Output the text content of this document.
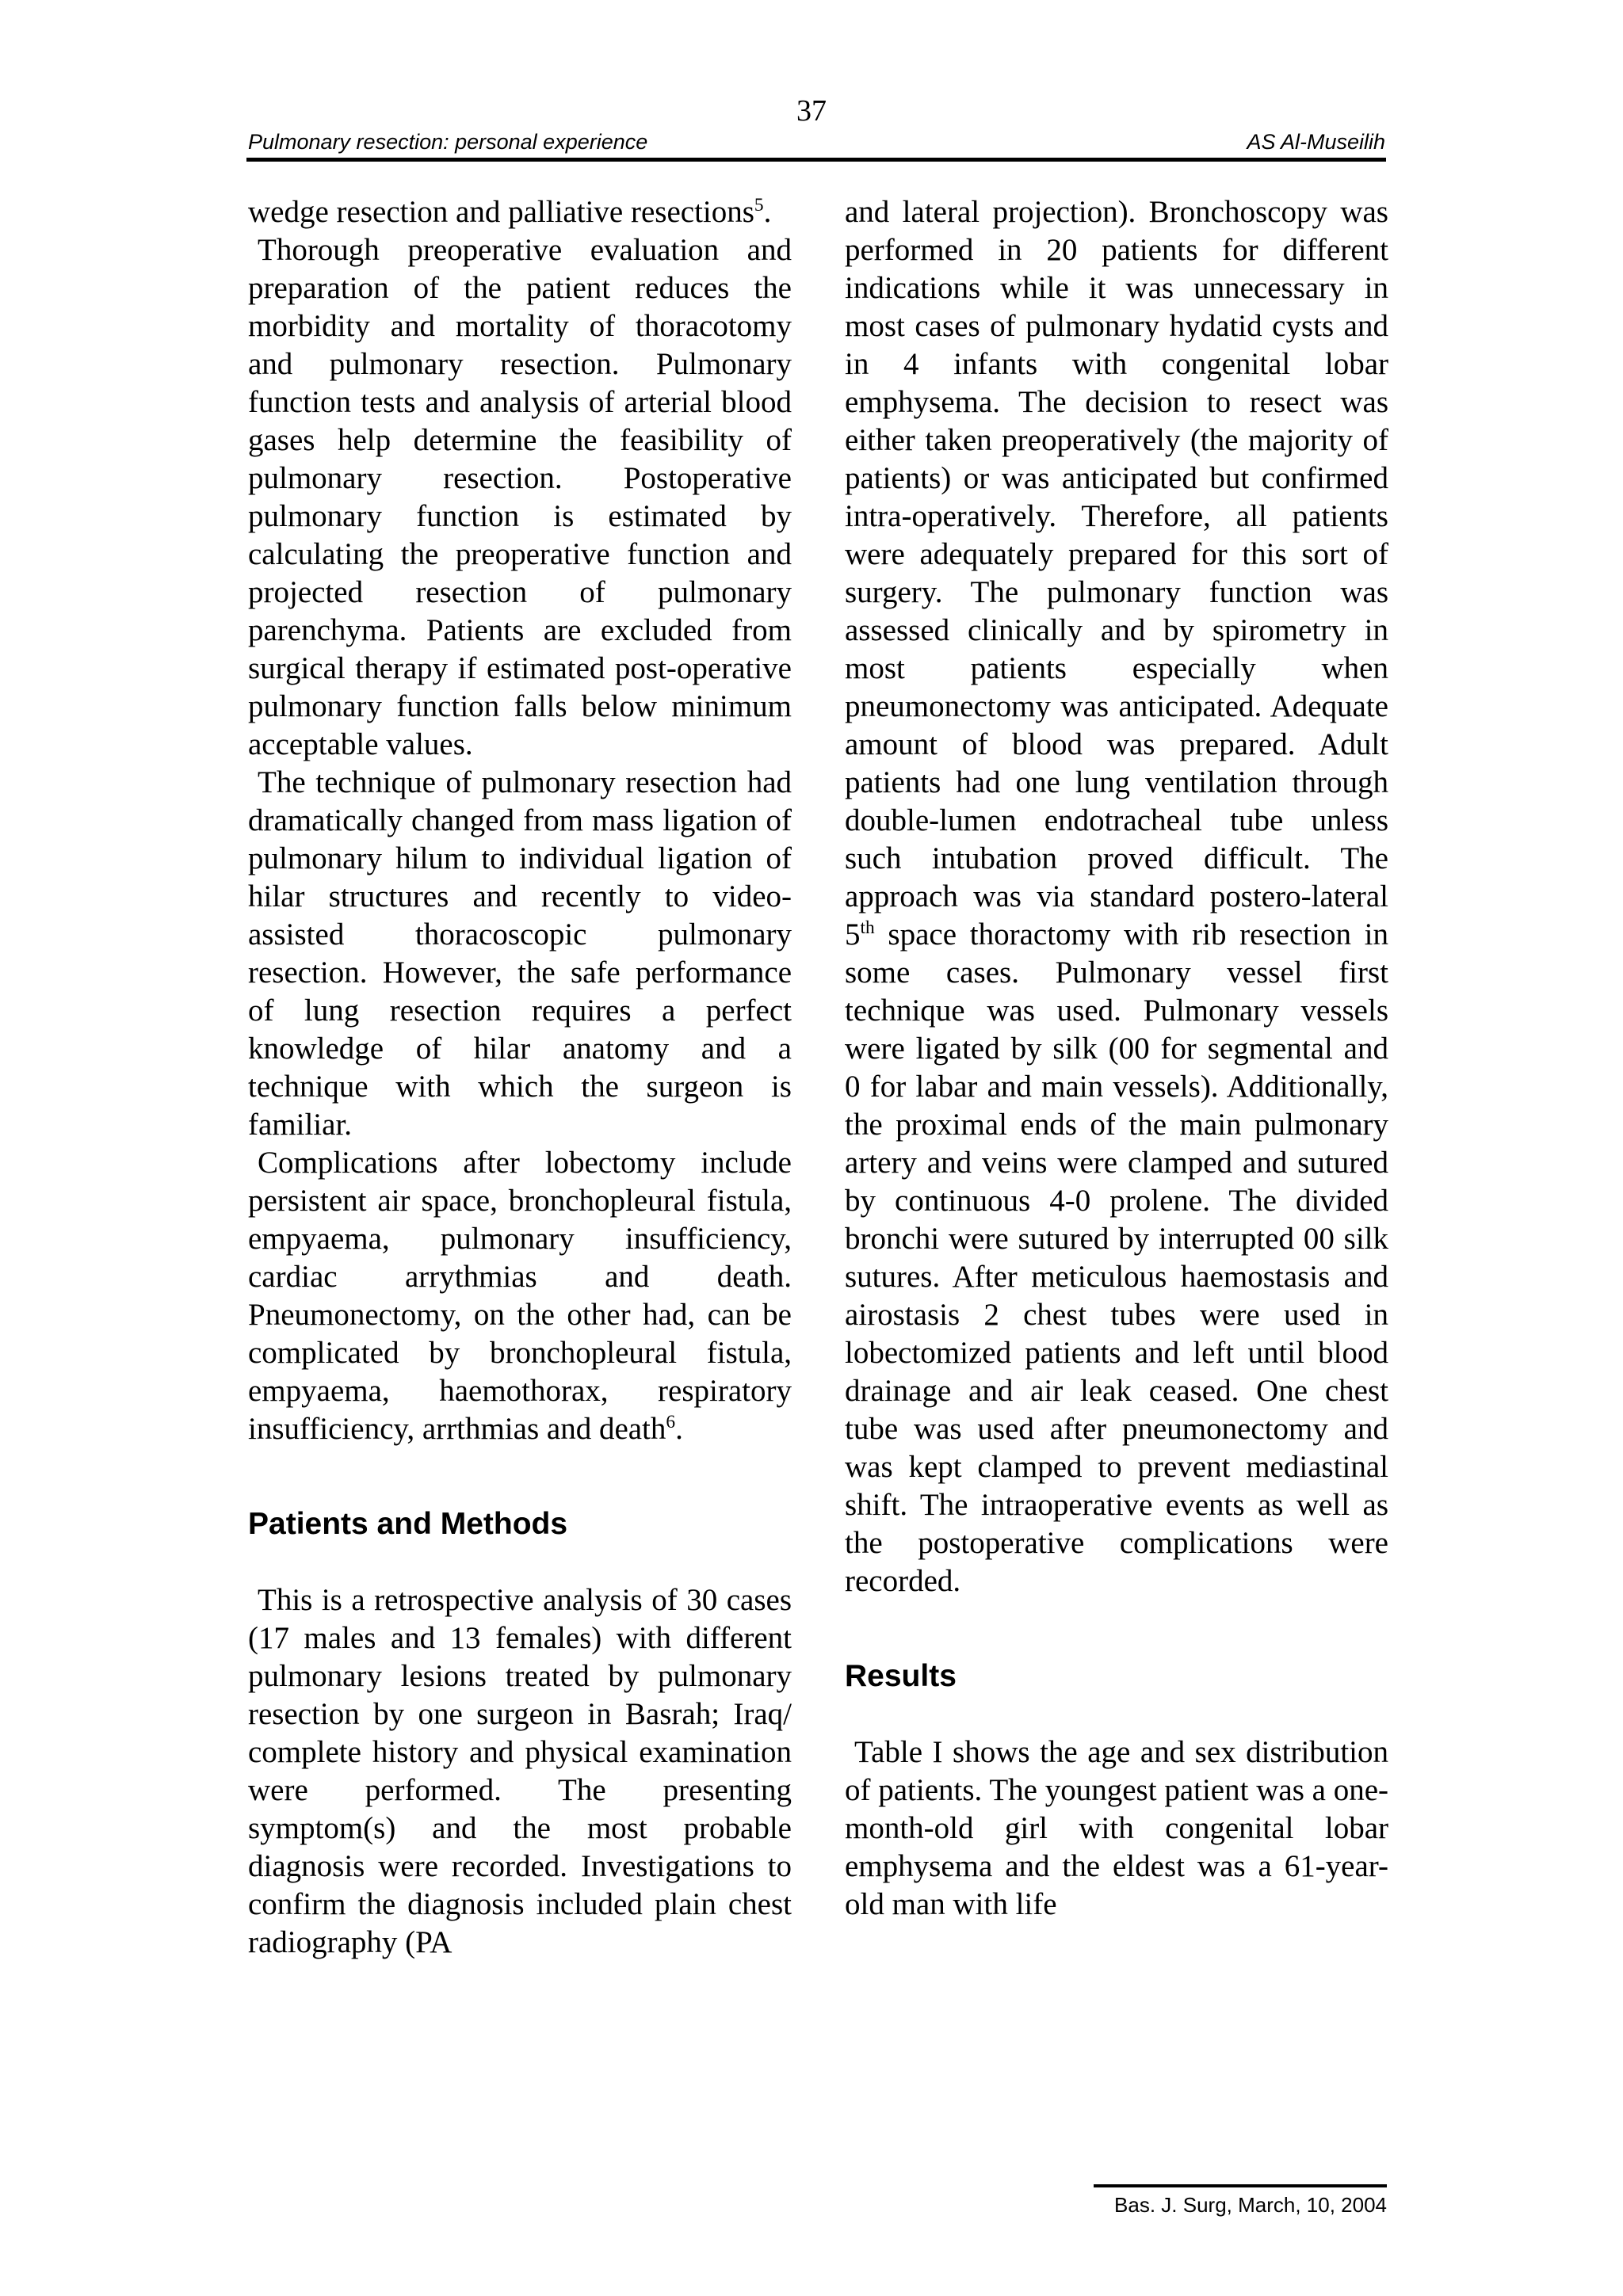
37
Pulmonary resection: personal experience	AS Al-Museilih

wedge resection and palliative resections$^5$.

Thorough preoperative evaluation and preparation of the patient reduces the morbidity and mortality of thoracotomy and pulmonary resection. Pulmonary function tests and analysis of arterial blood gases help determine the feasibility of pulmonary resection. Postoperative pulmonary function is estimated by calculating the preoperative function and projected resection of pulmonary parenchyma. Patients are excluded from surgical therapy if estimated post-operative pulmonary function falls below minimum acceptable values.

The technique of pulmonary resection had dramatically changed from mass ligation of pulmonary hilum to individual ligation of hilar structures and recently to video-assisted thoracoscopic pulmonary resection. However, the safe performance of lung resection requires a perfect knowledge of hilar anatomy and a technique with which the surgeon is familiar.

Complications after lobectomy include persistent air space, bronchopleural fistula, empyaema, pulmonary insufficiency, cardiac arrythmias and death. Pneumonectomy, on the other had, can be complicated by bronchopleural fistula, empyaema, haemothorax, respiratory insufficiency, arrthmias and death$^6$.

Patients and Methods

This is a retrospective analysis of 30 cases (17 males and 13 females) with different pulmonary lesions treated by pulmonary resection by one surgeon in Basrah; Iraq/ complete history and physical examination were performed. The presenting symptom(s) and the most probable diagnosis were recorded. Investigations to confirm the diagnosis included plain chest radiography (PA

and lateral projection). Bronchoscopy was performed in 20 patients for different indications while it was unnecessary in most cases of pulmonary hydatid cysts and in 4 infants with congenital lobar emphysema. The decision to resect was either taken preoperatively (the majority of patients) or was anticipated but confirmed intra-operatively. Therefore, all patients were adequately prepared for this sort of surgery. The pulmonary function was assessed clinically and by spirometry in most patients especially when pneumonectomy was anticipated. Adequate amount of blood was prepared. Adult patients had one lung ventilation through double-lumen endotracheal tube unless such intubation proved difficult. The approach was via standard postero-lateral 5th space thoractomy with rib resection in some cases. Pulmonary vessel first technique was used. Pulmonary vessels were ligated by silk (00 for segmental and 0 for labar and main vessels). Additionally, the proximal ends of the main pulmonary artery and veins were clamped and sutured by continuous 4-0 prolene. The divided bronchi were sutured by interrupted 00 silk sutures. After meticulous haemostasis and airostasis 2 chest tubes were used in lobectomized patients and left until blood drainage and air leak ceased. One chest tube was used after pneumonectomy and was kept clamped to prevent mediastinal shift. The intraoperative events as well as the postoperative complications were recorded.

Results

Table I shows the age and sex distribution of patients. The youngest patient was a one-month-old girl with congenital lobar emphysema and the eldest was a 61-year-old man with life

Bas. J. Surg, March, 10, 2004
